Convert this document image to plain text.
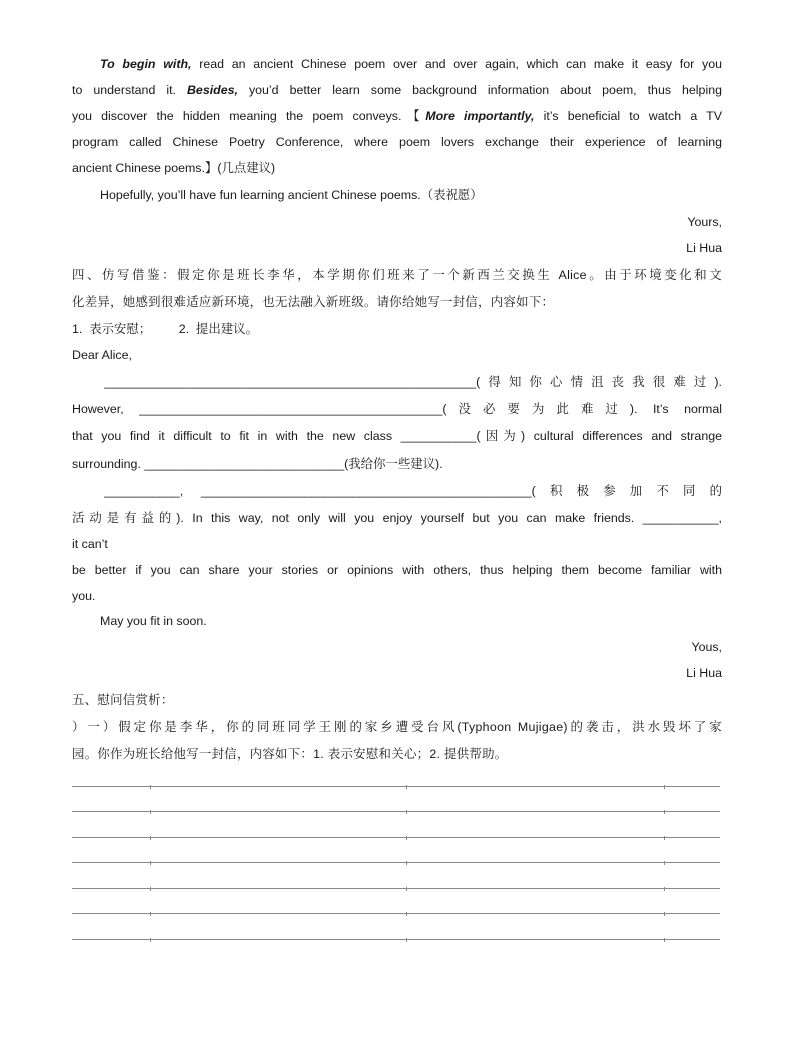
To begin with, read an ancient Chinese poem over and over again, which can make it easy for you
to understand it. Besides, you’d better learn some background information about poem, thus helping
you discover the hidden meaning the poem conveys.【More importantly, it’s beneficial to watch a TV
program called Chinese Poetry Conference, where poem lovers exchange their experience of learning
ancient Chinese poems.】(几点建议)
Hopefully, you’ll have fun learning ancient Chinese poems.（表祝愿）
Yours,
Li Hua
四、仿写借鉴：假定你是班长李华，本学期你们班来了一个新西兰交换生 Alice。由于环境变化和文
化差异，她感到很难适应新环境，也无法融入新班级。请你给她写一封信，内容如下：
1.  表示安慰；        2.  提出建议。
Dear Alice,
______________________________________________________(得知你心情沮丧我很难过).
However, ____________________________________________(没必要为此难过). It’s normal
that you find it difficult to fit in with the new class ___________(因为) cultural differences and strange
surrounding. _____________________________(我给你一些建议).
___________, ________________________________________________(积极参加不同的
活动是有益的). In this way, not only will you enjoy yourself but you can make friends. ___________,
it can’t
be better if you can share your stories or opinions with others, thus helping them become familiar with
you.
May you fit in soon.
Yous,
Li Hua
五、慰问信赏析：
）一）假定你是李华，你的同班同学王刚的家乡遭受台风(Typhoon Mujigae)的袭击，洪水毁坏了家
园。你作为班长给他写一封信，内容如下：1. 表示安慰和关心；2. 提供帮助。
